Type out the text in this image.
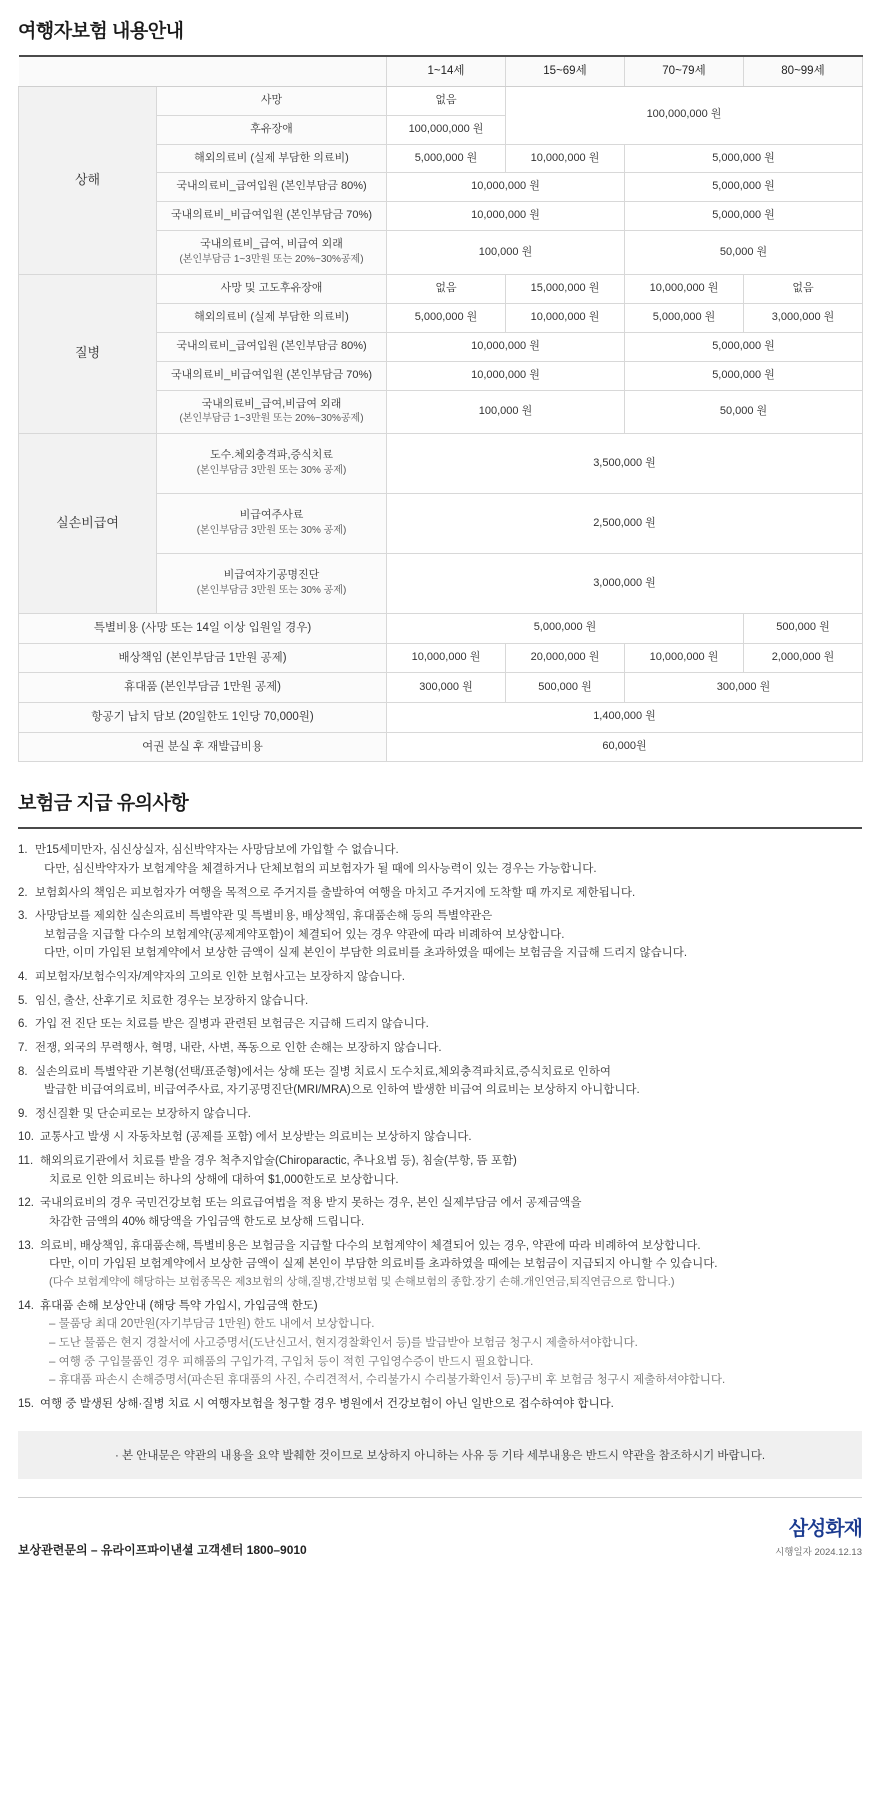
여행자보험 내용안내
		1~14세	15~69세	70~79세	80~99세
상해	사망	없음	100,000,000 원		
	후유장애	100,000,000 원			
	해외의료비 (실제 부담한 의료비)	5,000,000 원	10,000,000 원	5,000,000 원	
	국내의료비_급여입원 (본인부담금 80%)	10,000,000 원		5,000,000 원	
	국내의료비_비급여입원 (본인부담금 70%)	10,000,000 원		5,000,000 원	
	국내의료비_급여, 비급여 외래
(본인부담금 1~3만원 또는 20%~30%공제)	100,000 원		50,000 원	
질병	사망 및 고도후유장애	없음	15,000,000 원	10,000,000 원	없음
	해외의료비 (실제 부담한 의료비)	5,000,000 원	10,000,000 원	5,000,000 원	3,000,000 원
	국내의료비_급여입원 (본인부담금 80%)	10,000,000 원		5,000,000 원	
	국내의료비_비급여입원 (본인부담금 70%)	10,000,000 원		5,000,000 원	
	국내의료비_급여,비급여 외래
(본인부담금 1~3만원 또는 20%~30%공제)	100,000 원		50,000 원	
실손비급여	도수.체외충격파,증식치료
(본인부담금 3만원 또는 30% 공제)	3,500,000 원			
	비급여주사료
(본인부담금 3만원 또는 30% 공제)	2,500,000 원			
	비급여자기공명진단
(본인부담금 3만원 또는 30% 공제)	3,000,000 원			
특별비용 (사망 또는 14일 이상 입원일 경우)		5,000,000 원			500,000 원
배상책임 (본인부담금 1만원 공제)		10,000,000 원	20,000,000 원	10,000,000 원	2,000,000 원
휴대품 (본인부담금 1만원 공제)		300,000 원	500,000 원	300,000 원	
항공기 납치 담보 (20일한도 1인당 70,000원)		1,400,000 원			
여권 분실 후 재발급비용		60,000원			
보험금 지급 유의사항
1. 만15세미만자, 심신상실자, 심신박약자는 사망담보에 가입할 수 없습니다.
다만, 심신박약자가 보험계약을 체결하거나 단체보험의 피보험자가 될 때에 의사능력이 있는 경우는 가능합니다.
2. 보험회사의 책임은 피보험자가 여행을 목적으로 주거지를 출발하여 여행을 마치고 주거지에 도착할 때 까지로 제한됩니다.
3. 사망담보를 제외한 실손의료비 특별약관 및 특별비용, 배상책임, 휴대품손해 등의 특별약관은
보험금을 지급할 다수의 보험계약(공제계약포함)이 체결되어 있는 경우 약관에 따라 비례하여 보상합니다.
다만, 이미 가입된 보험계약에서 보상한 금액이 실제 본인이 부담한 의료비를 초과하였을 때에는 보험금을 지급해 드리지 않습니다.
4. 피보험자/보험수익자/계약자의 고의로 인한 보험사고는 보장하지 않습니다.
5. 임신, 출산, 산후기로 치료한 경우는 보장하지 않습니다.
6. 가입 전 진단 또는 치료를 받은 질병과 관련된 보험금은 지급해 드리지 않습니다.
7. 전쟁, 외국의 무력행사, 혁명, 내란, 사변, 폭동으로 인한 손해는 보장하지 않습니다.
8. 실손의료비 특별약관 기본형(선택/표준형)에서는 상해 또는 질병 치료시 도수치료,체외충격파치료,증식치료로 인하여
발급한 비급여의료비, 비급여주사료, 자기공명진단(MRI/MRA)으로 인하여 발생한 비급여 의료비는 보상하지 아니합니다.
9. 정신질환 및 단순피로는 보장하지 않습니다.
10. 교통사고 발생 시 자동차보험 (공제를 포함) 에서 보상받는 의료비는 보상하지 않습니다.
11. 해외의료기관에서 치료를 받을 경우 척추지압술(Chiroparactic, 추나요법 등), 침술(부항, 뜸 포함)
치료로 인한 의료비는 하나의 상해에 대하여 $1,000한도로 보상합니다.
12. 국내의료비의 경우 국민건강보험 또는 의료급여법을 적용 받지 못하는 경우, 본인 실제부담금 에서 공제금액을
차감한 금액의 40% 해당액을 가입금액 한도로 보상해 드립니다.
13. 의료비, 배상책임, 휴대품손해, 특별비용은 보험금을 지급할 다수의 보험계약이 체결되어 있는 경우, 약관에 따라 비례하여 보상합니다.
다만, 이미 가입된 보험계약에서 보상한 금액이 실제 본인이 부담한 의료비를 초과하였을 때에는 보험금이 지급되지 아니할 수 있습니다.
(다수 보험계약에 해당하는 보험종목은 제3보험의 상해,질병,간병보험 및 손해보험의 종합.장기 손해.개인연금,퇴직연금으로 합니다.)
14. 휴대품 손해 보상안내 (해당 특약 가입시, 가입금액 한도)
– 물품당 최대 20만원(자기부담금 1만원) 한도 내에서 보상합니다.
– 도난 물품은 현지 경찰서에 사고증명서(도난신고서, 현지경찰확인서 등)를 발급받아 보험금 청구시 제출하셔야합니다.
– 여행 중 구입물품인 경우 피해품의 구입가격, 구입처 등이 적힌 구입영수증이 반드시 필요합니다.
– 휴대품 파손시 손해증명서(파손된 휴대품의 사진, 수리견적서, 수리불가시 수리불가확인서 등)구비 후 보험금 청구시 제출하셔야합니다.
15. 여행 중 발생된 상해·질병 치료 시 여행자보험을 청구할 경우 병원에서 건강보험이 아닌 일반으로 접수하여야 합니다.
· 본 안내문은 약관의 내용을 요약 발췌한 것이므로 보상하지 아니하는 사유 등 기타 세부내용은 반드시 약관을 참조하시기 바랍니다.
보상관련문의 – 유라이프파이낸셜 고객센터 1800–9010
삼성화재
시행일자 2024.12.13
